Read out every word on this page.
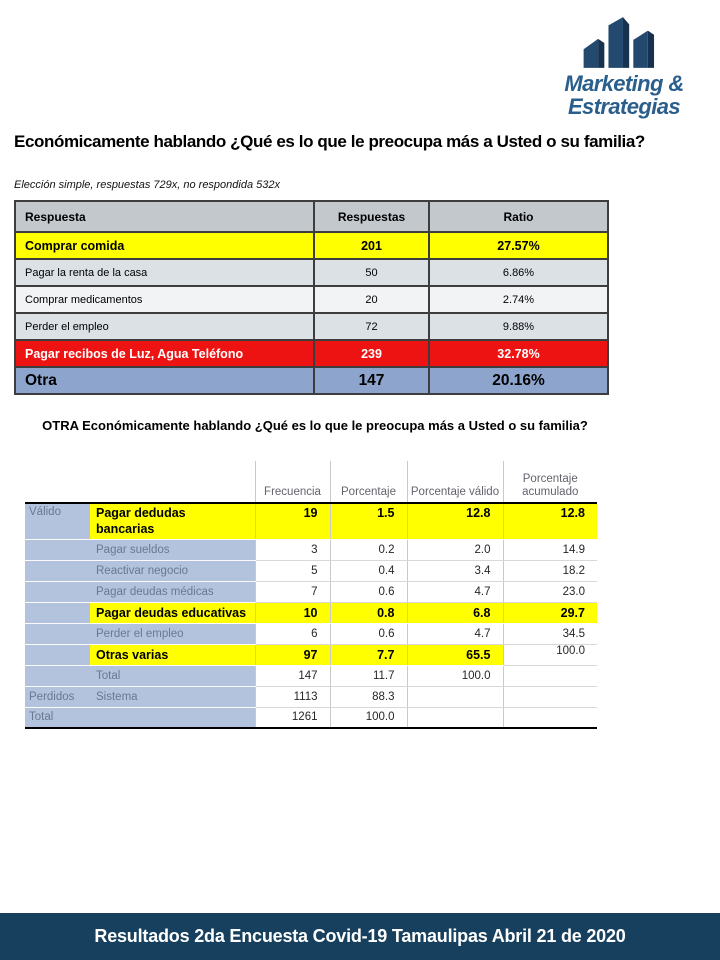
Marketing &
Estrategias
Económicamente hablando ¿Qué es lo que le preocupa más a Usted o su familia?
Elección simple, respuestas 729x, no respondida 532x
Respuesta	Respuestas	Ratio
Comprar comida	201	27.57%
Pagar la renta de la casa	50	6.86%
Comprar medicamentos	20	2.74%
Perder el empleo	72	9.88%
Pagar recibos de Luz, Agua Teléfono	239	32.78%
Otra	147	20.16%
OTRA Económicamente hablando ¿Qué es lo que le preocupa más a Usted o su familia?
		Frecuencia	Porcentaje	Porcentaje válido	Porcentaje acumulado
Válido	Pagar dedudas bancarias	19	1.5	12.8	12.8
	Pagar sueldos	3	0.2	2.0	14.9
	Reactivar negocio	5	0.4	3.4	18.2
	Pagar deudas médicas	7	0.6	4.7	23.0
	Pagar deudas educativas	10	0.8	6.8	29.7
	Perder el empleo	6	0.6	4.7	34.5
	Otras varias	97	7.7	65.5	100.0
	Total	147	11.7	100.0	
Perdidos	Sistema	1113	88.3		
Total		1261	100.0		
Resultados 2da Encuesta Covid-19 Tamaulipas Abril 21 de 2020
